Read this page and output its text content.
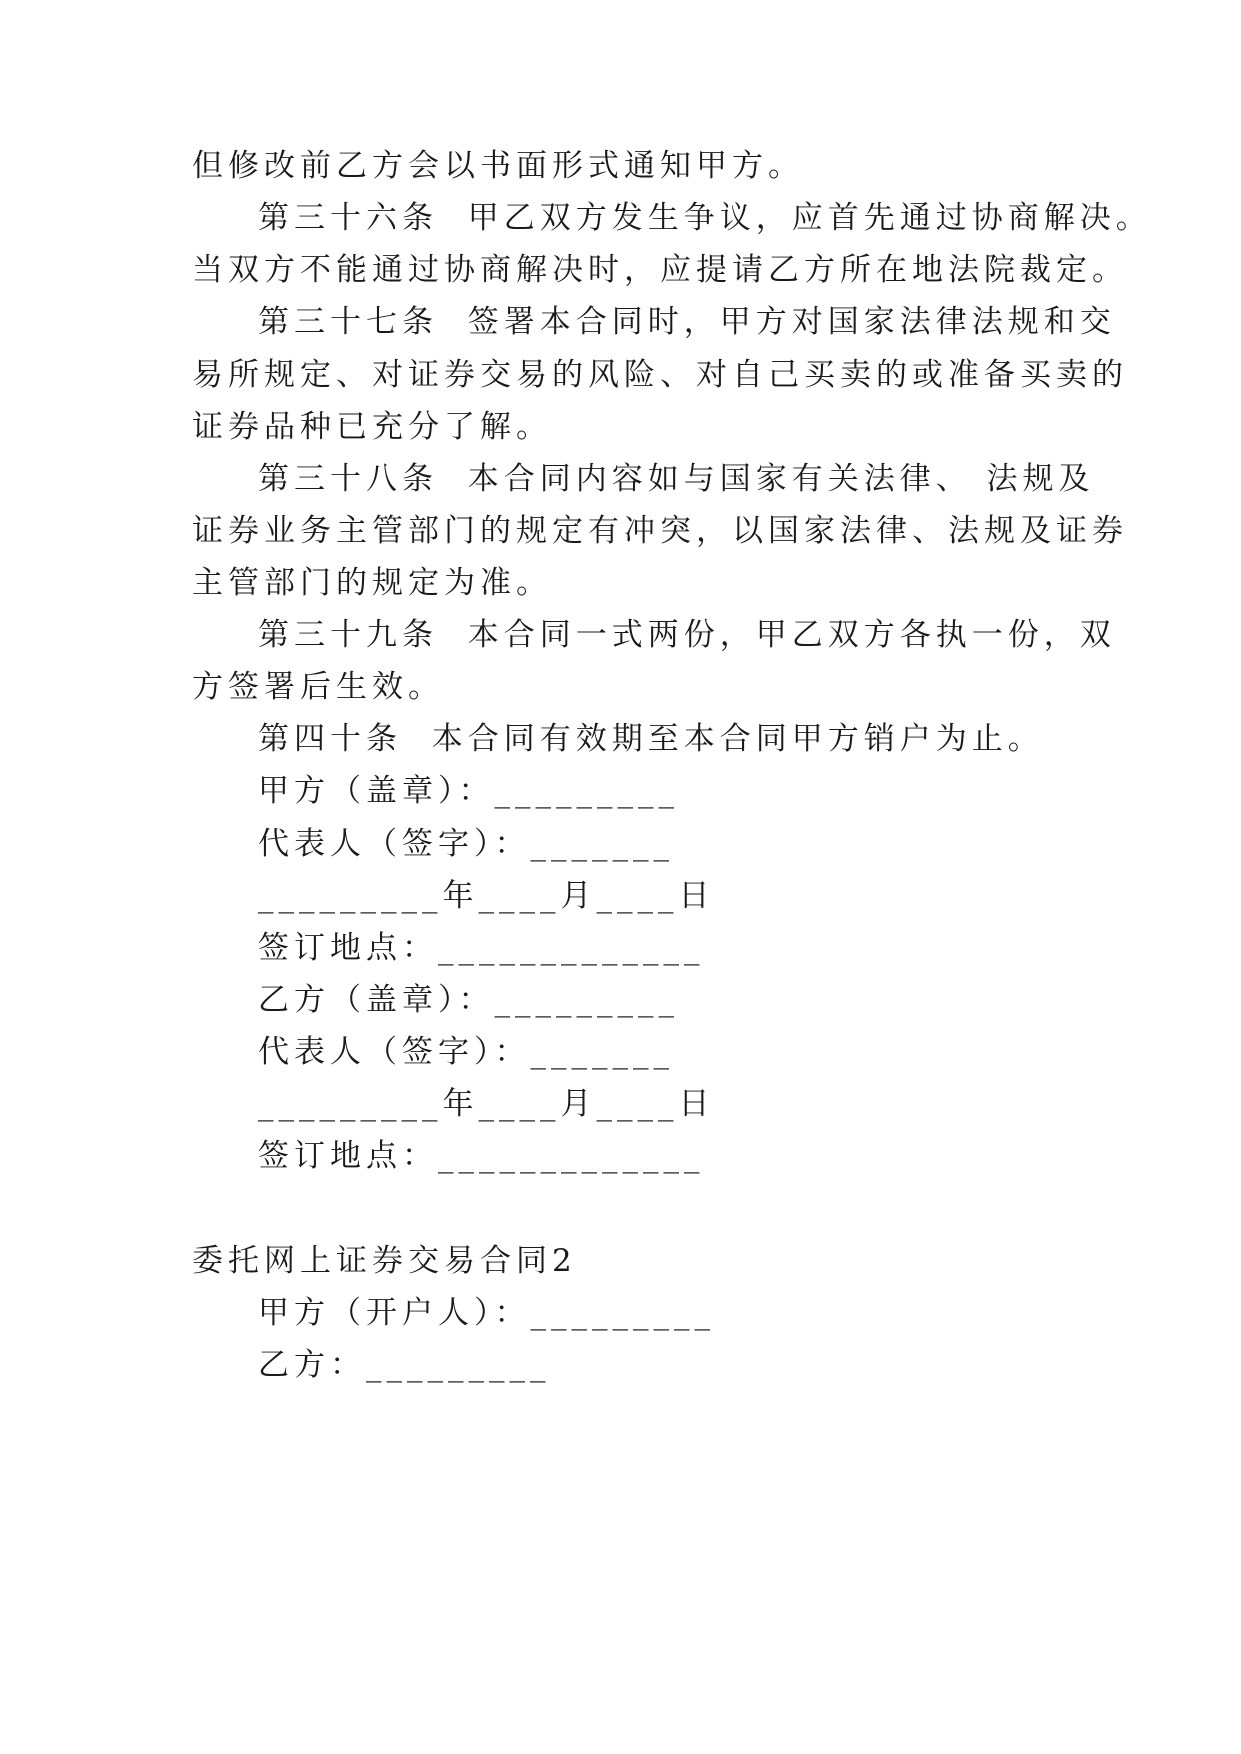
但修改前乙方会以书面形式通知甲方。
第三十六条  甲乙双方发生争议，应首先通过协商解决。
当双方不能通过协商解决时，应提请乙方所在地法院裁定。
第三十七条  签署本合同时，甲方对国家法律法规和交
易所规定、对证券交易的风险、对自己买卖的或准备买卖的
证券品种已充分了解。
第三十八条  本合同内容如与国家有关法律、 法规及
证券业务主管部门的规定有冲突，以国家法律、法规及证券
主管部门的规定为准。
第三十九条  本合同一式两份，甲乙双方各执一份，双
方签署后生效。
第四十条  本合同有效期至本合同甲方销户为止。
甲方（盖章）：_________
代表人（签字）：_______
_________年____月____日
签订地点：_____________
乙方（盖章）：_________
代表人（签字）：_______
_________年____月____日
签订地点：_____________
委托网上证券交易合同2
甲方（开户人）：_________
乙方：_________
